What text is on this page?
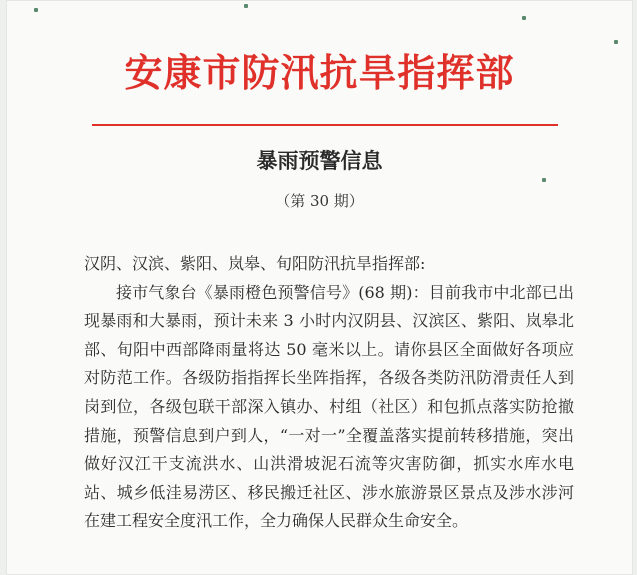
安康市防汛抗旱指挥部
暴雨预警信息
（第 30 期）

汉阴、汉滨、紫阳、岚皋、旬阳防汛抗旱指挥部:

接市气象台《暴雨橙色预警信号》(68 期)：目前我市中北部已出现暴雨和大暴雨，预计未来 3 小时内汉阴县、汉滨区、紫阳、岚皋北部、旬阳中西部降雨量将达 50 毫米以上。请你县区全面做好各项应对防范工作。各级防指指挥长坐阵指挥，各级各类防汛防滑责任人到岗到位，各级包联干部深入镇办、村组（社区）和包抓点落实防抢撤措施，预警信息到户到人，“一对一”全覆盖落实提前转移措施，突出做好汉江干支流洪水、山洪滑坡泥石流等灾害防御，抓实水库水电站、城乡低洼易涝区、移民搬迁社区、涉水旅游景区景点及涉水涉河在建工程安全度汛工作，全力确保人民群众生命安全。
